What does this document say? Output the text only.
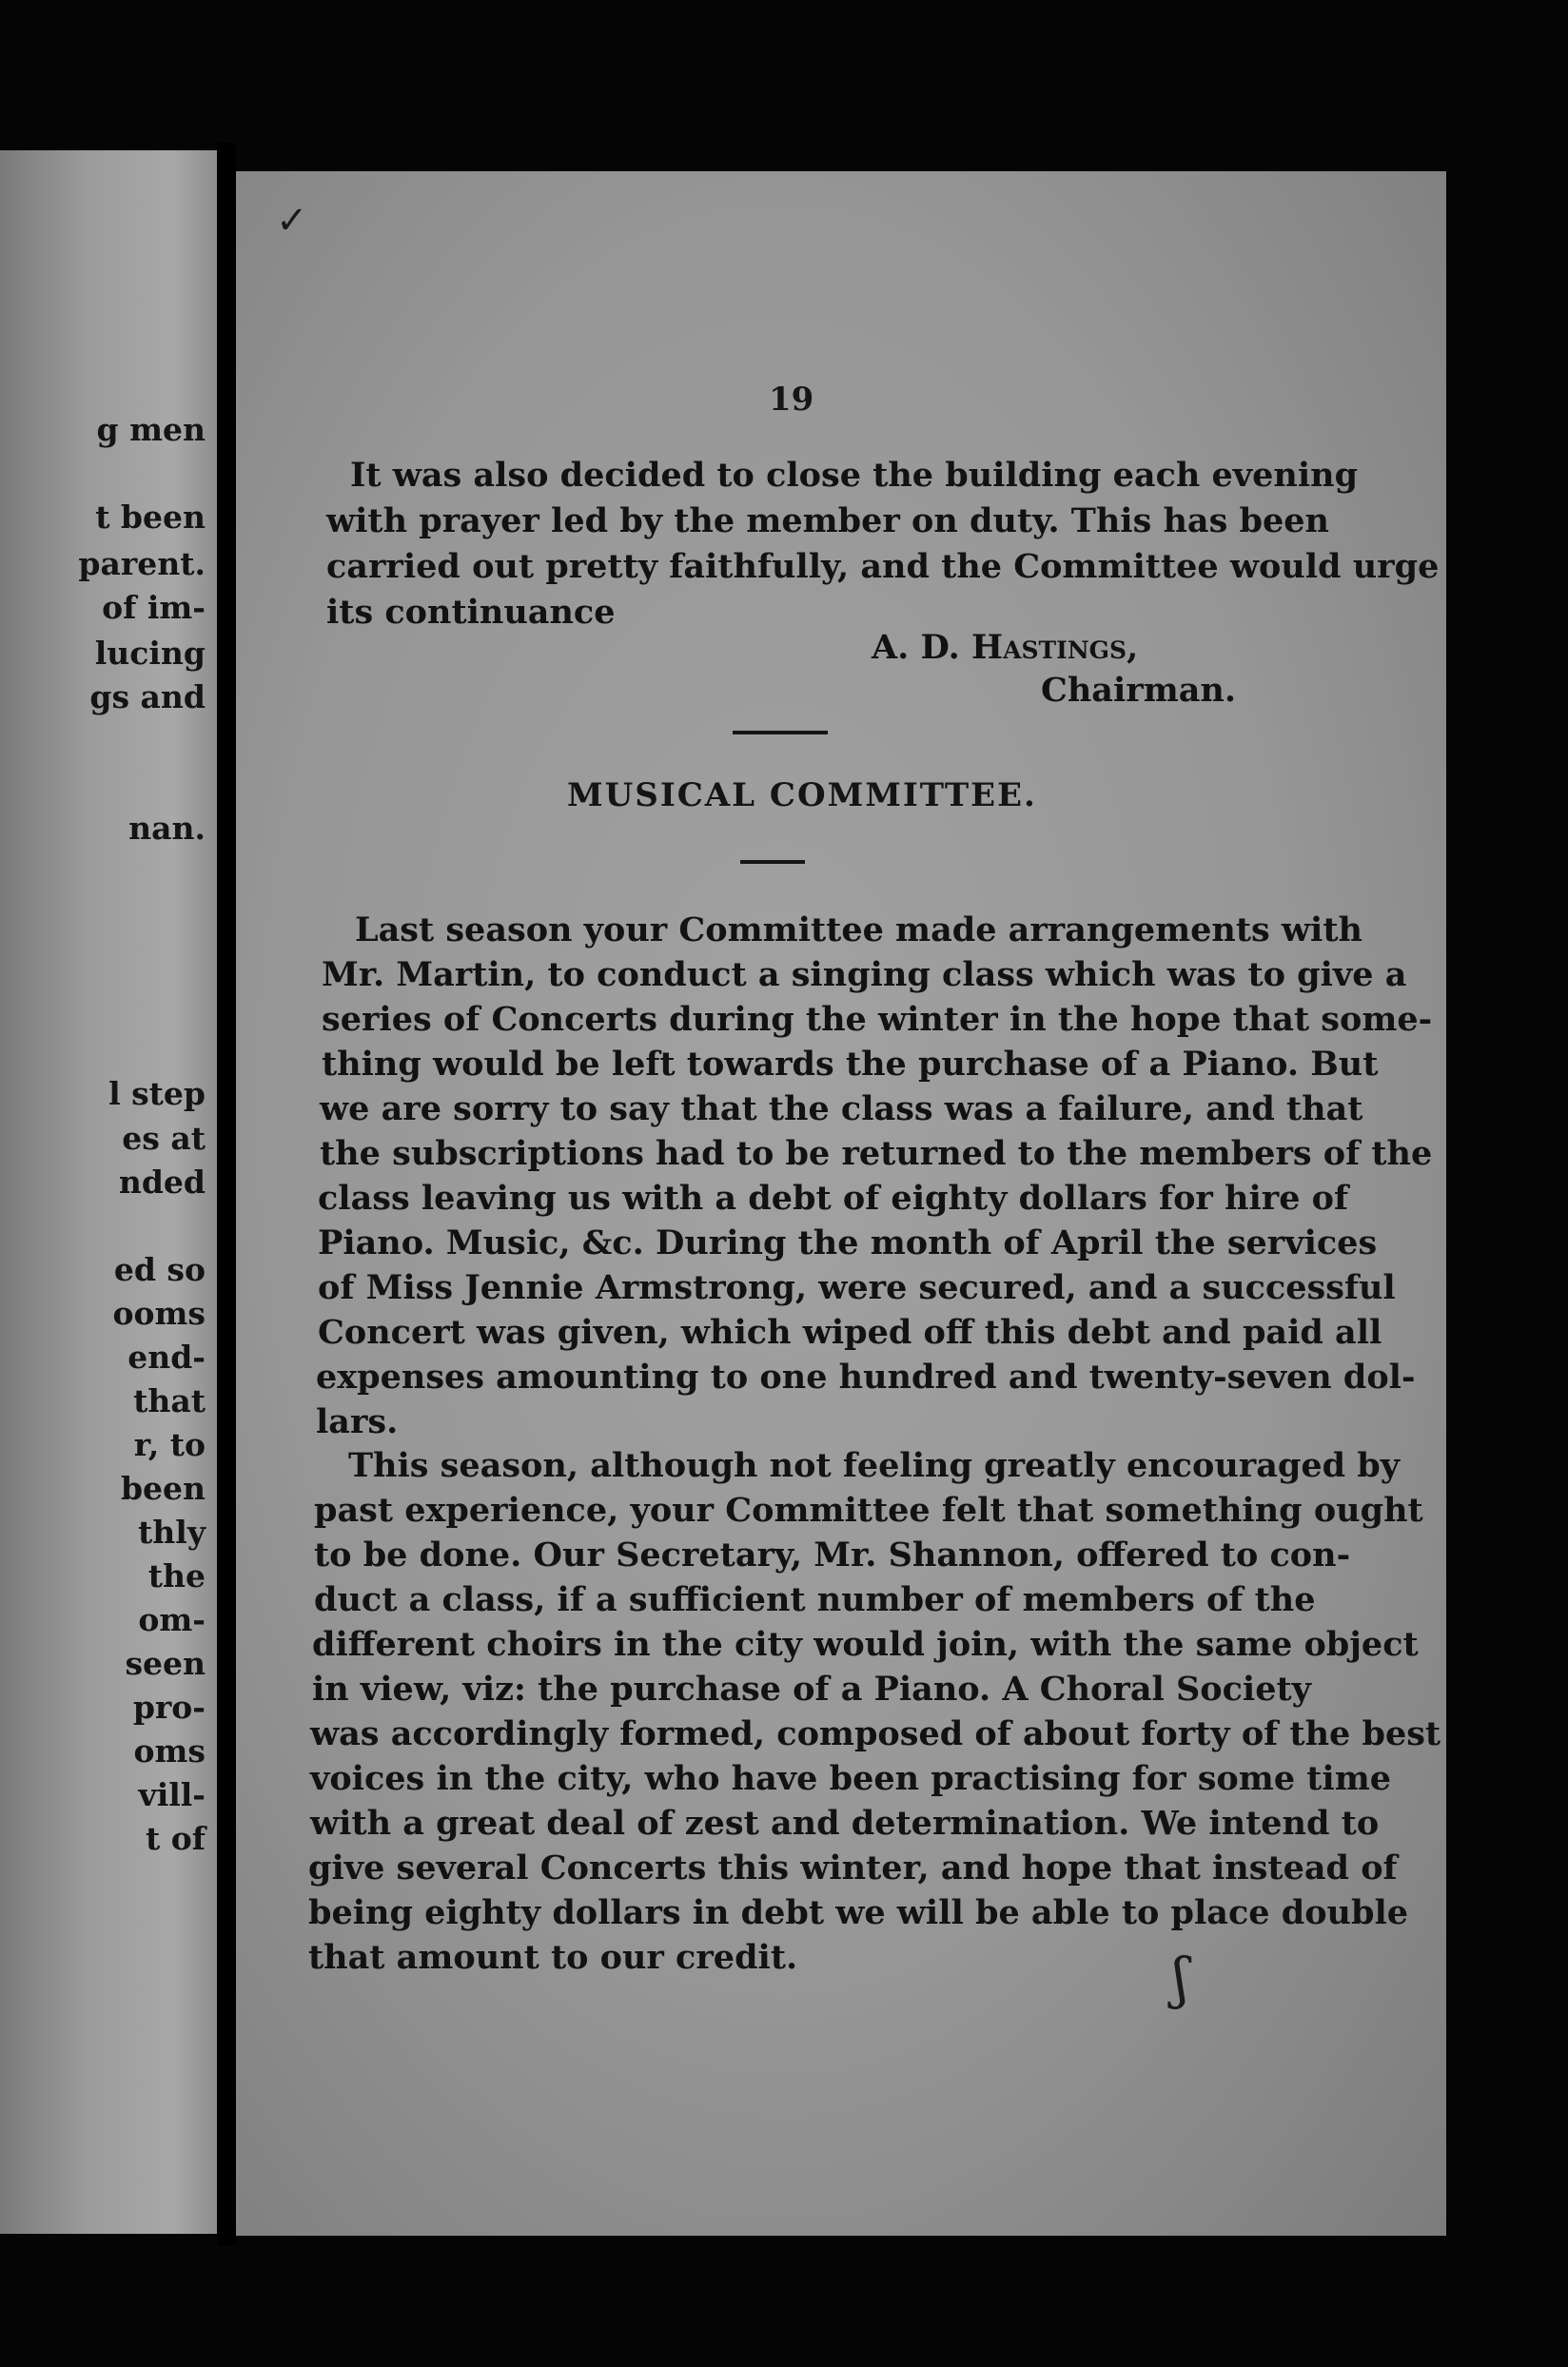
g men
t been
parent.
of im-
lucing
gs and
nan.
l step
es at
nded
ed so
ooms
end-
that
r, to
been
thly
the
om-
seen
pro-
oms
vill-
t of
✓
19
It was also decided to close the building each evening
with prayer led by the member on duty. This has been
carried out pretty faithfully, and the Committee would urge
its continuance
A. D. Hastings,
Chairman.
MUSICAL COMMITTEE.
Last season your Committee made arrangements with
Mr. Martin, to conduct a singing class which was to give a
series of Concerts during the winter in the hope that some-
thing would be left towards the purchase of a Piano. But
we are sorry to say that the class was a failure, and that
the subscriptions had to be returned to the members of the
class leaving us with a debt of eighty dollars for hire of
Piano. Music, &c. During the month of April the services
of Miss Jennie Armstrong, were secured, and a successful
Concert was given, which wiped off this debt and paid all
expenses amounting to one hundred and twenty-seven dol-
lars.
This season, although not feeling greatly encouraged by
past experience, your Committee felt that something ought
to be done. Our Secretary, Mr. Shannon, offered to con-
duct a class, if a sufficient number of members of the
different choirs in the city would join, with the same object
in view, viz: the purchase of a Piano. A Choral Society
was accordingly formed, composed of about forty of the best
voices in the city, who have been practising for some time
with a great deal of zest and determination. We intend to
give several Concerts this winter, and hope that instead of
being eighty dollars in debt we will be able to place double
that amount to our credit.	ʃ
